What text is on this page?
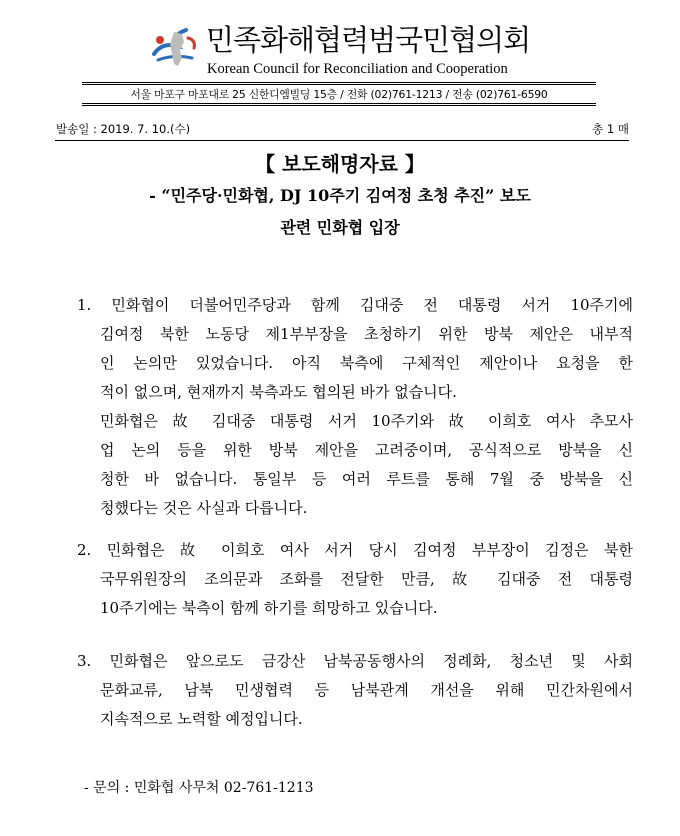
민족화해협력범국민협의회
Korean Council for Reconciliation and Cooperation
서울 마포구 마포대로 25 신한디엠빌딩 15층 / 전화 (02)761-1213 / 전송 (02)761-6590
발송일 : 2019. 7. 10.(수)	총 1 매
【 보도해명자료 】
- “민주당·민화협, DJ 10주기 김여정 초청 추진” 보도
관련 민화협 입장
1. 민화협이 더불어민주당과 함께 김대중 전 대통령 서거 10주기에
김여정 북한 노동당 제1부부장을 초청하기 위한 방북 제안은 내부적
인 논의만 있었습니다. 아직 북측에 구체적인 제안이나 요청을 한
적이 없으며, 현재까지 북측과도 협의된 바가 없습니다.
민화협은 故 김대중 대통령 서거 10주기와 故 이희호 여사 추모사
업 논의 등을 위한 방북 제안을 고려중이며, 공식적으로 방북을 신
청한 바 없습니다. 통일부 등 여러 루트를 통해 7월 중 방북을 신
청했다는 것은 사실과 다릅니다.
2. 민화협은 故 이희호 여사 서거 당시 김여정 부부장이 김정은 북한
국무위원장의 조의문과 조화를 전달한 만큼, 故 김대중 전 대통령
10주기에는 북측이 함께 하기를 희망하고 있습니다.
3. 민화협은 앞으로도 금강산 남북공동행사의 정례화, 청소년 및 사회
문화교류, 남북 민생협력 등 남북관계 개선을 위해 민간차원에서
지속적으로 노력할 예정입니다.
- 문의 : 민화협 사무처 02-761-1213
